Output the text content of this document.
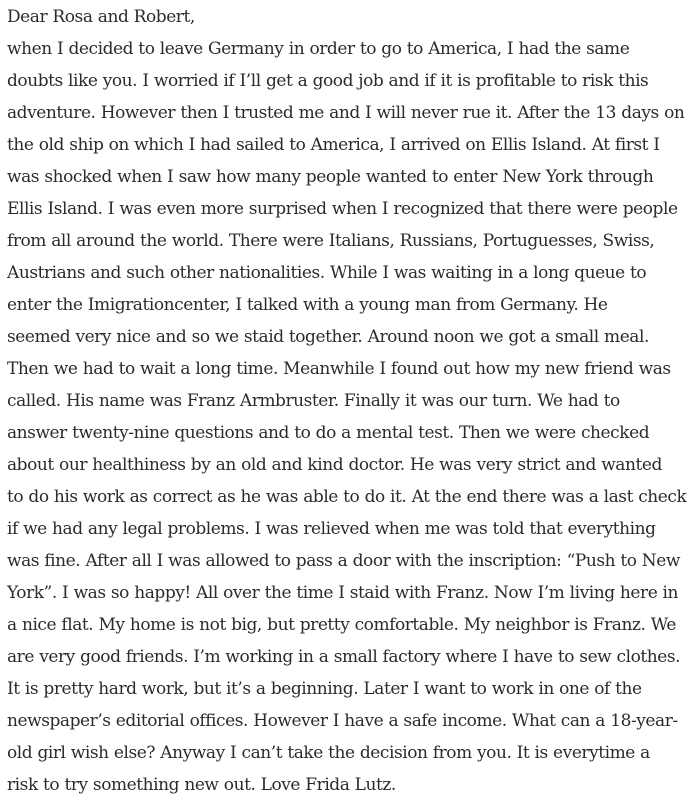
Dear Rosa and Robert,
when I decided to leave Germany in order to go to America, I had the same
doubts like you. I worried if I’ll get a good job and if it is profitable to risk this
adventure. However then I trusted me and I will never rue it. After the 13 days on
the old ship on which I had sailed to America, I arrived on Ellis Island. At first I
was shocked when I saw how many people wanted to enter New York through
Ellis Island. I was even more surprised when I recognized that there were people
from all around the world. There were Italians, Russians, Portuguesses, Swiss,
Austrians and such other nationalities. While I was waiting in a long queue to
enter the Imigrationcenter, I talked with a young man from Germany. He
seemed very nice and so we staid together. Around noon we got a small meal.
Then we had to wait a long time. Meanwhile I found out how my new friend was
called. His name was Franz Armbruster. Finally it was our turn. We had to
answer twenty-nine questions and to do a mental test. Then we were checked
about our healthiness by an old and kind doctor. He was very strict and wanted
to do his work as correct as he was able to do it. At the end there was a last check
if we had any legal problems. I was relieved when me was told that everything
was fine. After all I was allowed to pass a door with the inscription: “Push to New
York”. I was so happy! All over the time I staid with Franz. Now I’m living here in
a nice flat. My home is not big, but pretty comfortable. My neighbor is Franz. We
are very good friends. I’m working in a small factory where I have to sew clothes.
It is pretty hard work, but it’s a beginning. Later I want to work in one of the
newspaper’s editorial offices. However I have a safe income. What can a 18-year-
old girl wish else? Anyway I can’t take the decision from you. It is everytime a
risk to try something new out. Love Frida Lutz.
